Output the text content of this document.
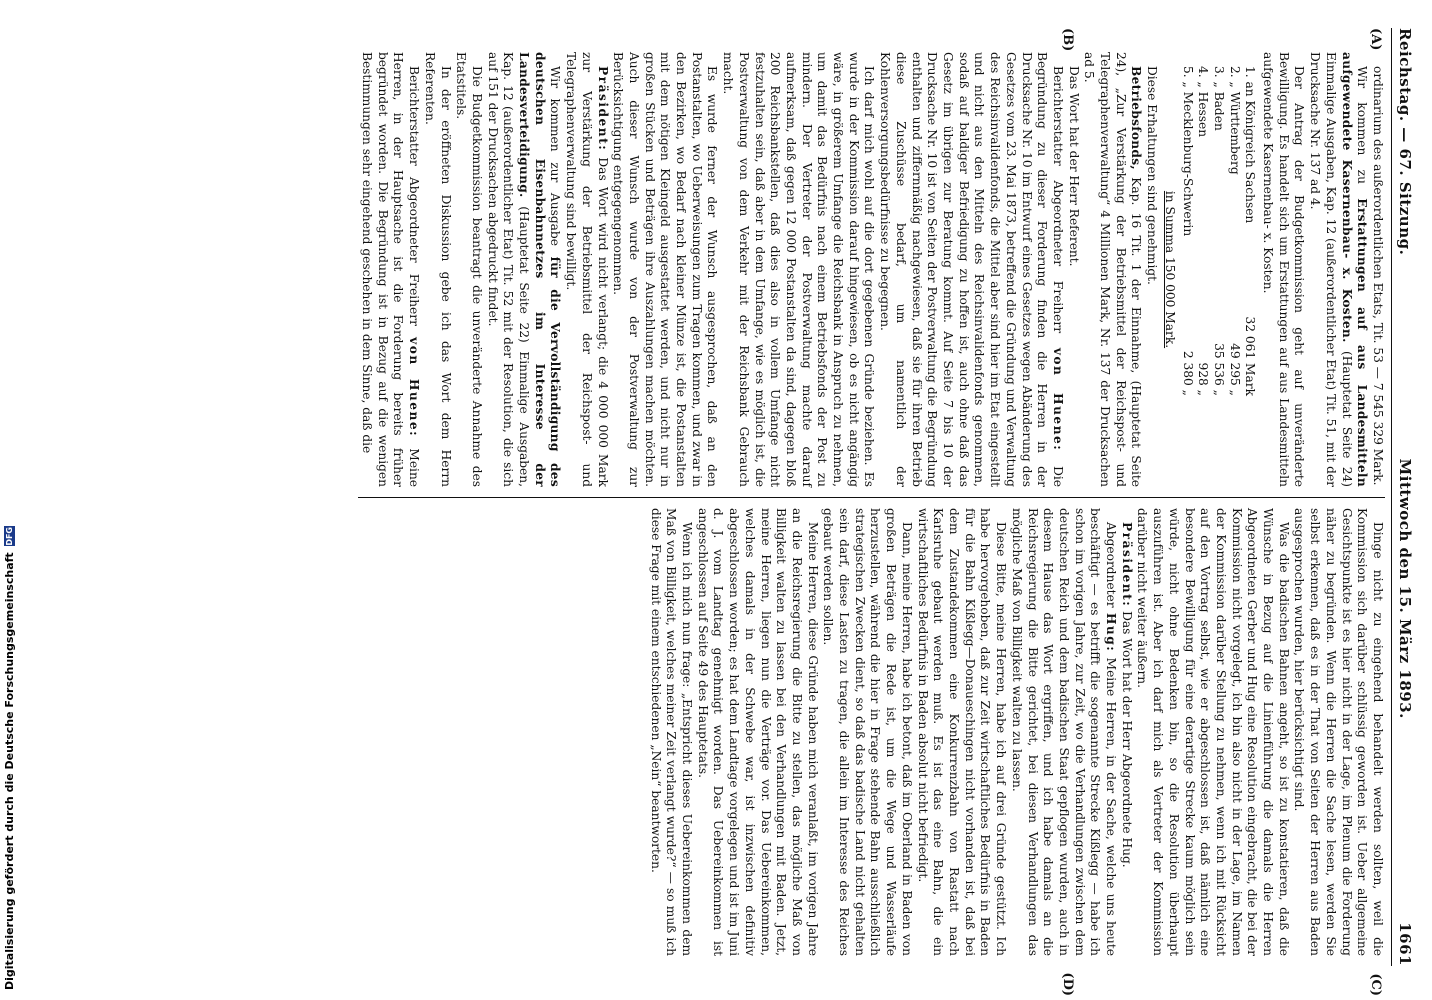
Reichstag. — 67. Sitzung.
Mittwoch den 15. März 1893.
1661
(A)
(B)
(C)
(D)

ordinarium des außerordentlichen Etats, Tit. 53 — 7 545 329 Mark.

Wir kommen zu Erstattungen auf aus Landesmitteln aufgewendete Kasernenbau- x. Kosten. (Hauptetat Seite 24) Einmalige Ausgaben, Kap. 12 (außerordentlicher Etat) Tit. 51, mit der Drucksache Nr. 137 ad 4.

Der Antrag der Budgetkommission geht auf unveränderte Bewilligung. Es handelt sich um Erstattungen auf aus Landesmitteln aufgewendete Kasernenbau- x. Kosten.

1. an Königreich Sachsen
32 061 Mark
2. „ Württemberg
49 295 „
3. „ Baden
35 536 „
4. „ Hessen
928 „
5. „ Mecklenburg-Schwerin
2 380 „
in Summa 150 000 Mark.

Diese Erhaltungen sind genehmigt.

Betriebsfonds, Kap. 16 Tit. 1 der Einnahme, (Hauptetat Seite 24), „Zur Verstärkung der Betriebsmittel der Reichspost- und Telegraphenverwaltung“ 4 Millionen Mark, Nr. 137 der Drucksachen ad 5.

Das Wort hat der Herr Referent.

Berichterstatter Abgeordneter Freiherr von Huene: Die Begründung zu dieser Forderung finden die Herren in der Drucksache Nr. 10 im Entwurf eines Gesetzes wegen Abänderung des Gesetzes vom 23. Mai 1873, betreffend die Gründung und Verwaltung des Reichsinvalidenfonds, die Mittel aber sind hier im Etat eingestellt und nicht aus den Mitteln des Reichsinvalidenfonds genommen, sodaß auf baldiger Befriedigung zu hoffen ist, auch ohne daß das Gesetz im übrigen zur Beratung kommt. Auf Seite 7 bis 10 der Drucksache Nr. 10 ist von Seiten der Postverwaltung die Begründung enthalten und ziffernmäßig nachgewiesen, daß sie für ihren Betrieb diese Zuschüsse bedarf, um namentlich der Kohlenversorgungsbedürfnisse zu begegnen.

Ich darf mich wohl auf die dort gegebenen Gründe beziehen. Es wurde in der Kommission darauf hingewiesen, ob es nicht angängig wäre, in größerem Umfange die Reichsbank in Anspruch zu nehmen, um damit das Bedürfnis nach einem Betriebsfonds der Post zu mindern. Der Vertreter der Postverwaltung machte darauf aufmerksam, daß gegen 12 000 Postanstalten da sind, dagegen bloß 200 Reichsbankstellen, daß dies also in vollem Umfange nicht festzuhalten sein, daß aber in dem Umfange, wie es möglich ist, die Postverwaltung von dem Verkehr mit der Reichsbank Gebrauch macht.

Es wurde ferner der Wunsch ausgesprochen, daß an den Postanstalten, wo Ueberweisungen zum Tragen kommen, und zwar in den Bezirken, wo Bedarf nach kleiner Münze ist, die Postanstalten mit dem nötigen Kleingeld ausgestattet werden, und nicht nur in großen Stücken und Beträgen ihre Auszahlungen machen möchten. Auch dieser Wunsch wurde von der Postverwaltung zur Berücksichtigung entgegengenommen.

Präsident: Das Wort wird nicht verlangt; die 4 000 000 Mark zur Verstärkung der Betriebsmittel der Reichspost- und Telegraphenverwaltung sind bewilligt.

Wir kommen zur Ausgabe für die Vervollständigung des deutschen Eisenbahnnetzes im Interesse der Landesverteidigung. (Hauptetat Seite 22) Einmalige Ausgaben, Kap. 12 (außerordentlicher Etat) Tit. 52 mit der Resolution, die sich auf 151 der Drucksachen abgedruckt findet.

Die Budgetkommission beantragt die unveränderte Annahme des Etatstitels.

In der eröffneten Diskussion gebe ich das Wort dem Herrn Referenten.

Berichterstatter Abgeordneter Freiherr von Huene: Meine Herren, in der Hauptsache ist die Forderung bereits früher begründet worden. Die Begründung ist in Bezug auf die wenigen Bestimmungen sehr eingehend geschehen in dem Sinne, daß die

Dinge nicht zu eingehend behandelt werden sollten, weil die Kommission sich darüber schlüssig geworden ist. Ueber allgemeine Gesichtspunkte ist es hier nicht in der Lage, im Plenum die Forderung näher zu begründen. Wenn die Herren die Sache lesen, werden Sie selbst erkennen, daß es in der That von Seiten der Herren aus Baden ausgesprochen wurden, hier berücksichtigt sind.

Was die badischen Bahnen angeht, so ist zu konstatieren, daß die Wünsche in Bezug auf die Linienführung die damals die Herren Abgeordneten Gerber und Hug eine Resolution eingebracht, die bei der Kommission nicht vorgelegt, ich bin also nicht in der Lage, im Namen der Kommission darüber Stellung zu nehmen, wenn ich mit Rücksicht auf den Vortrag selbst, wie er abgeschlossen ist, daß nämlich eine besondere Bewilligung für eine derartige Strecke kaum möglich sein würde, nicht ohne Bedenken bin, so die Resolution überhaupt auszuführen ist. Aber ich darf mich als Vertreter der Kommission darüber nicht weiter äußern.

Präsident: Das Wort hat der Herr Abgeordnete Hug.

Abgeordneter Hug: Meine Herren, in der Sache, welche uns heute beschäftigt — es betrifft die sogenannte Strecke Kißlegg — habe ich schon im vorigen Jahre, zur Zeit, wo die Verhandlungen zwischen dem deutschen Reich und dem badischen Staat gepflogen wurden, auch in diesem Hause das Wort ergriffen, und ich habe damals an die Reichsregierung die Bitte gerichtet, bei diesen Verhandlungen das mögliche Maß von Billigkeit walten zu lassen.

Diese Bitte, meine Herren, habe ich auf drei Gründe gestützt. Ich habe hervorgehoben, daß zur Zeit wirtschaftliches Bedürfnis in Baden für die Bahn Kißlegg—Donaueschingen nicht vorhanden ist, daß bei dem Zustandekommen eine Konkurrenzbahn von Rastatt nach Karlsruhe gebaut werden muß. Es ist das eine Bahn, die ein wirtschaftliches Bedürfnis in Baden absolut nicht befriedigt.

Dann, meine Herren, habe ich betont, daß im Oberland in Baden von großen Beträgen die Rede ist, um die Wege und Wasserläufe herzustellen, während die hier in Frage stehende Bahn ausschließlich strategischen Zwecken dient, so daß das badische Land nicht gehalten sein darf, diese Lasten zu tragen, die allein im Interesse des Reiches gebaut werden sollen.

Meine Herren, diese Gründe haben mich veranlaßt, im vorigen Jahre an die Reichsregierung die Bitte zu stellen, das mögliche Maß von Billigkeit walten zu lassen bei den Verhandlungen mit Baden. Jetzt, meine Herren, liegen nun die Verträge vor. Das Uebereinkommen, welches damals in der Schwebe war, ist inzwischen definitiv abgeschlossen worden; es hat dem Landtage vorgelegen und ist im Juni d. J. vom Landtag genehmigt worden. Das Uebereinkommen ist angeschlossen auf Seite 49 des Hauptetats.

Wenn ich mich nun frage: „Entspricht dieses Uebereinkommen dem Maß von Billigkeit, welches meiner Zeit verlangt wurde?“ — so muß ich diese Frage mit einem entschiedenen „Nein“ beantworten.

Digitalisierung gefördert durch die Deutsche Forschungsgemeinschaft
DFG
